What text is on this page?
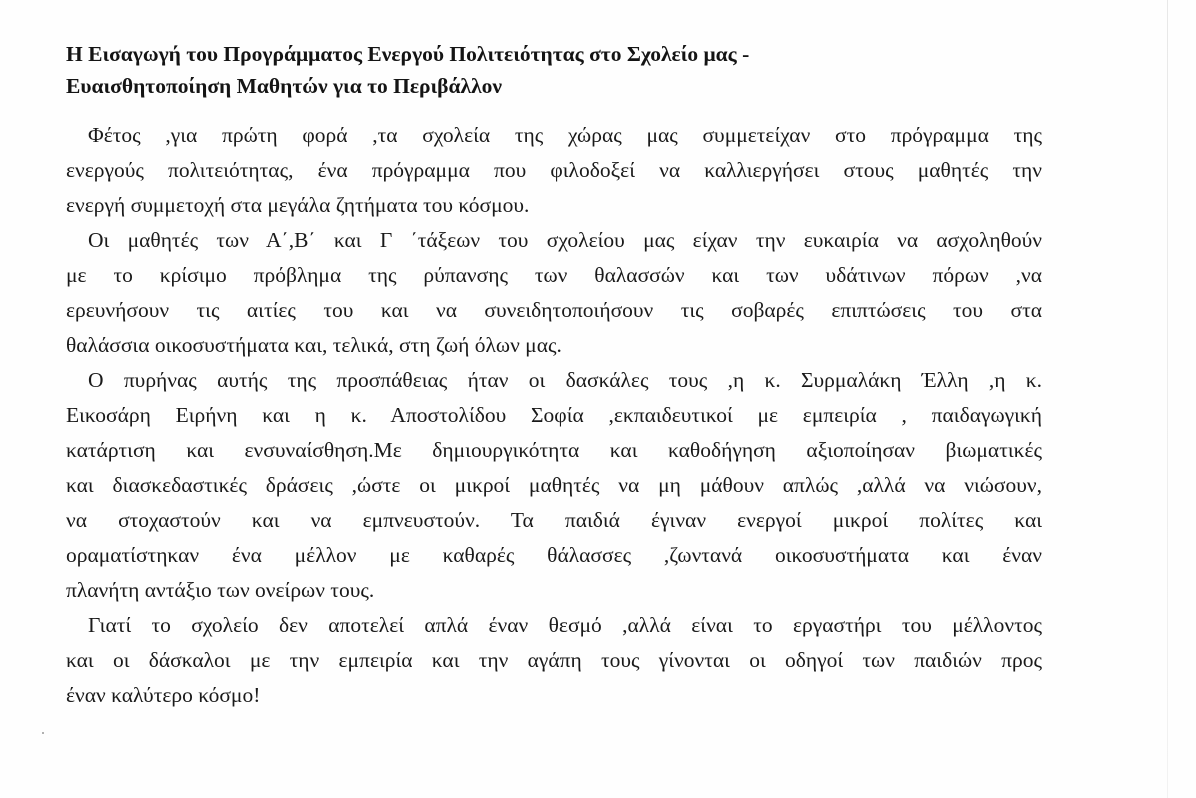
Η Εισαγωγή του Προγράμματος Ενεργού Πολιτειότητας στο Σχολείο μας -
Ευαισθητοποίηση Μαθητών για το Περιβάλλον
Φέτος ,για πρώτη φορά ,τα σχολεία της χώρας μας συμμετείχαν στο πρόγραμμα της
ενεργούς πολιτειότητας, ένα πρόγραμμα που φιλοδοξεί να καλλιεργήσει στους μαθητές την
ενεργή συμμετοχή στα μεγάλα ζητήματα του κόσμου.
Οι μαθητές των Α΄,Β΄ και Γ ΄τάξεων του σχολείου μας είχαν την ευκαιρία να ασχοληθούν
με το κρίσιμο πρόβλημα της ρύπανσης των θαλασσών και των υδάτινων πόρων ,να
ερευνήσουν τις αιτίες του και να συνειδητοποιήσουν τις σοβαρές επιπτώσεις του στα
θαλάσσια οικοσυστήματα και, τελικά, στη ζωή όλων μας.
Ο πυρήνας αυτής της προσπάθειας ήταν οι δασκάλες τους ,η κ. Συρμαλάκη Έλλη ,η κ.
Εικοσάρη Ειρήνη και η κ. Αποστολίδου Σοφία ,εκπαιδευτικοί με εμπειρία , παιδαγωγική
κατάρτιση και ενσυναίσθηση.Με δημιουργικότητα και καθοδήγηση αξιοποίησαν βιωματικές
και διασκεδαστικές δράσεις ,ώστε οι μικροί μαθητές να μη μάθουν απλώς ,αλλά να νιώσουν,
να στοχαστούν και να εμπνευστούν. Τα παιδιά έγιναν ενεργοί μικροί πολίτες και
οραματίστηκαν ένα μέλλον με καθαρές θάλασσες ,ζωντανά οικοσυστήματα και έναν
πλανήτη αντάξιο των ονείρων τους.
Γιατί το σχολείο δεν αποτελεί απλά έναν θεσμό ,αλλά είναι το εργαστήρι του μέλλοντος
και οι δάσκαλοι με την εμπειρία και την αγάπη τους γίνονται οι οδηγοί των παιδιών προς
έναν καλύτερο κόσμο!
